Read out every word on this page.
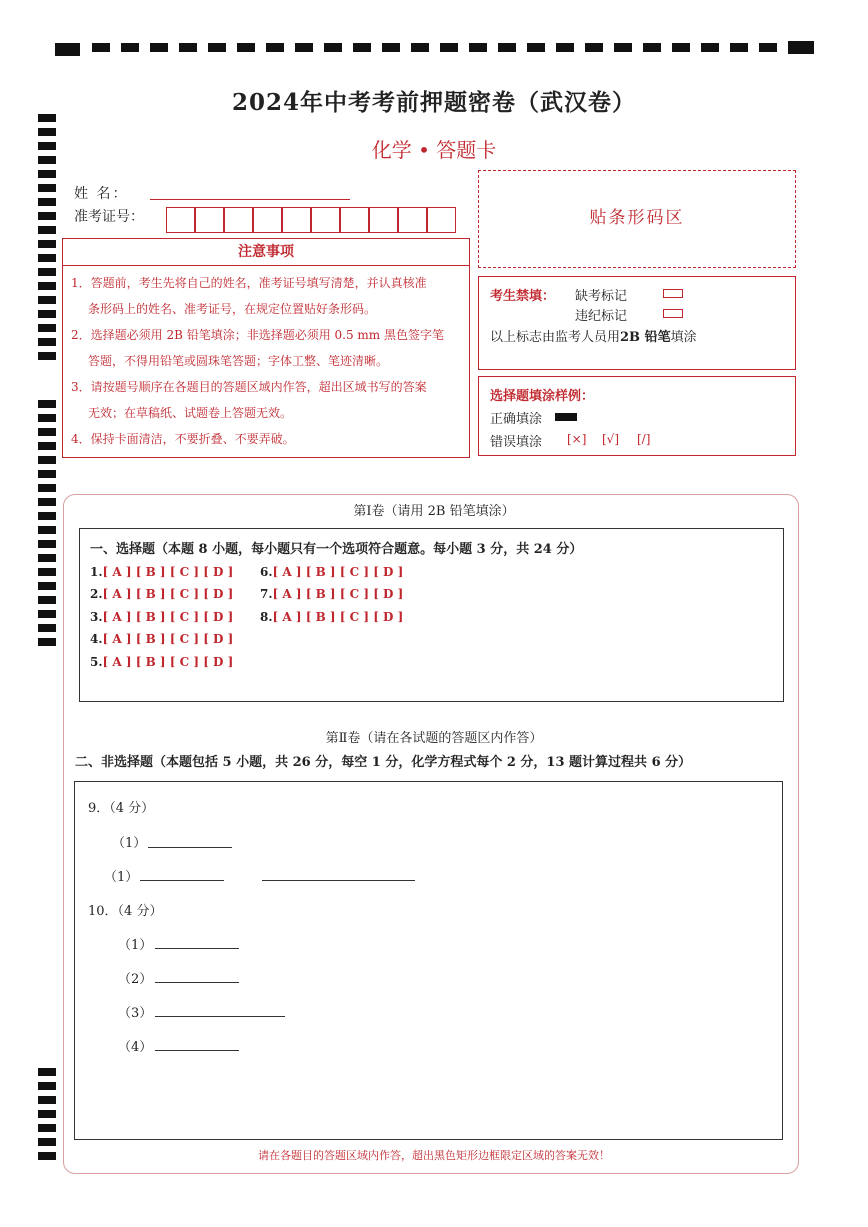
2024年中考考前押题密卷（武汉卷）
化学 • 答题卡
姓 名：
准考证号：
注意事项

1．答题前，考生先将自己的姓名，准考证号填写清楚，并认真核准

条形码上的姓名、准考证号，在规定位置贴好条形码。

2．选择题必须用 2B 铅笔填涂；非选择题必须用 0.5 mm 黑色签字笔

答题，不得用铅笔或圆珠笔答题；字体工整、笔迹清晰。

3．请按题号顺序在各题目的答题区域内作答，超出区域书写的答案

无效；在草稿纸、试题卷上答题无效。

4．保持卡面清洁，不要折叠、不要弄破。

贴条形码区
考生禁填： 缺考标记
违纪标记
以上标志由监考人员用2B 铅笔填涂
选择题填涂样例：
正确填涂
错误填涂 [×] [√] [/]
第Ⅰ卷（请用 2B 铅笔填涂）
一、选择题（本题 8 小题，每小题只有一个选项符合题意。每小题 3 分，共 24 分）
1.[ A ] [ B ] [ C ] [ D ]
2.[ A ] [ B ] [ C ] [ D ]
3.[ A ] [ B ] [ C ] [ D ]
4.[ A ] [ B ] [ C ] [ D ]
5.[ A ] [ B ] [ C ] [ D ]
6.[ A ] [ B ] [ C ] [ D ]
7.[ A ] [ B ] [ C ] [ D ]
8.[ A ] [ B ] [ C ] [ D ]
第Ⅱ卷（请在各试题的答题区内作答）
二、非选择题（本题包括 5 小题，共 26 分，每空 1 分，化学方程式每个 2 分，13 题计算过程共 6 分）
9．（4 分）
（1）
（1）
10．（4 分）
（1）
（2）
（3）
（4）
请在各题目的答题区域内作答，超出黑色矩形边框限定区域的答案无效！
